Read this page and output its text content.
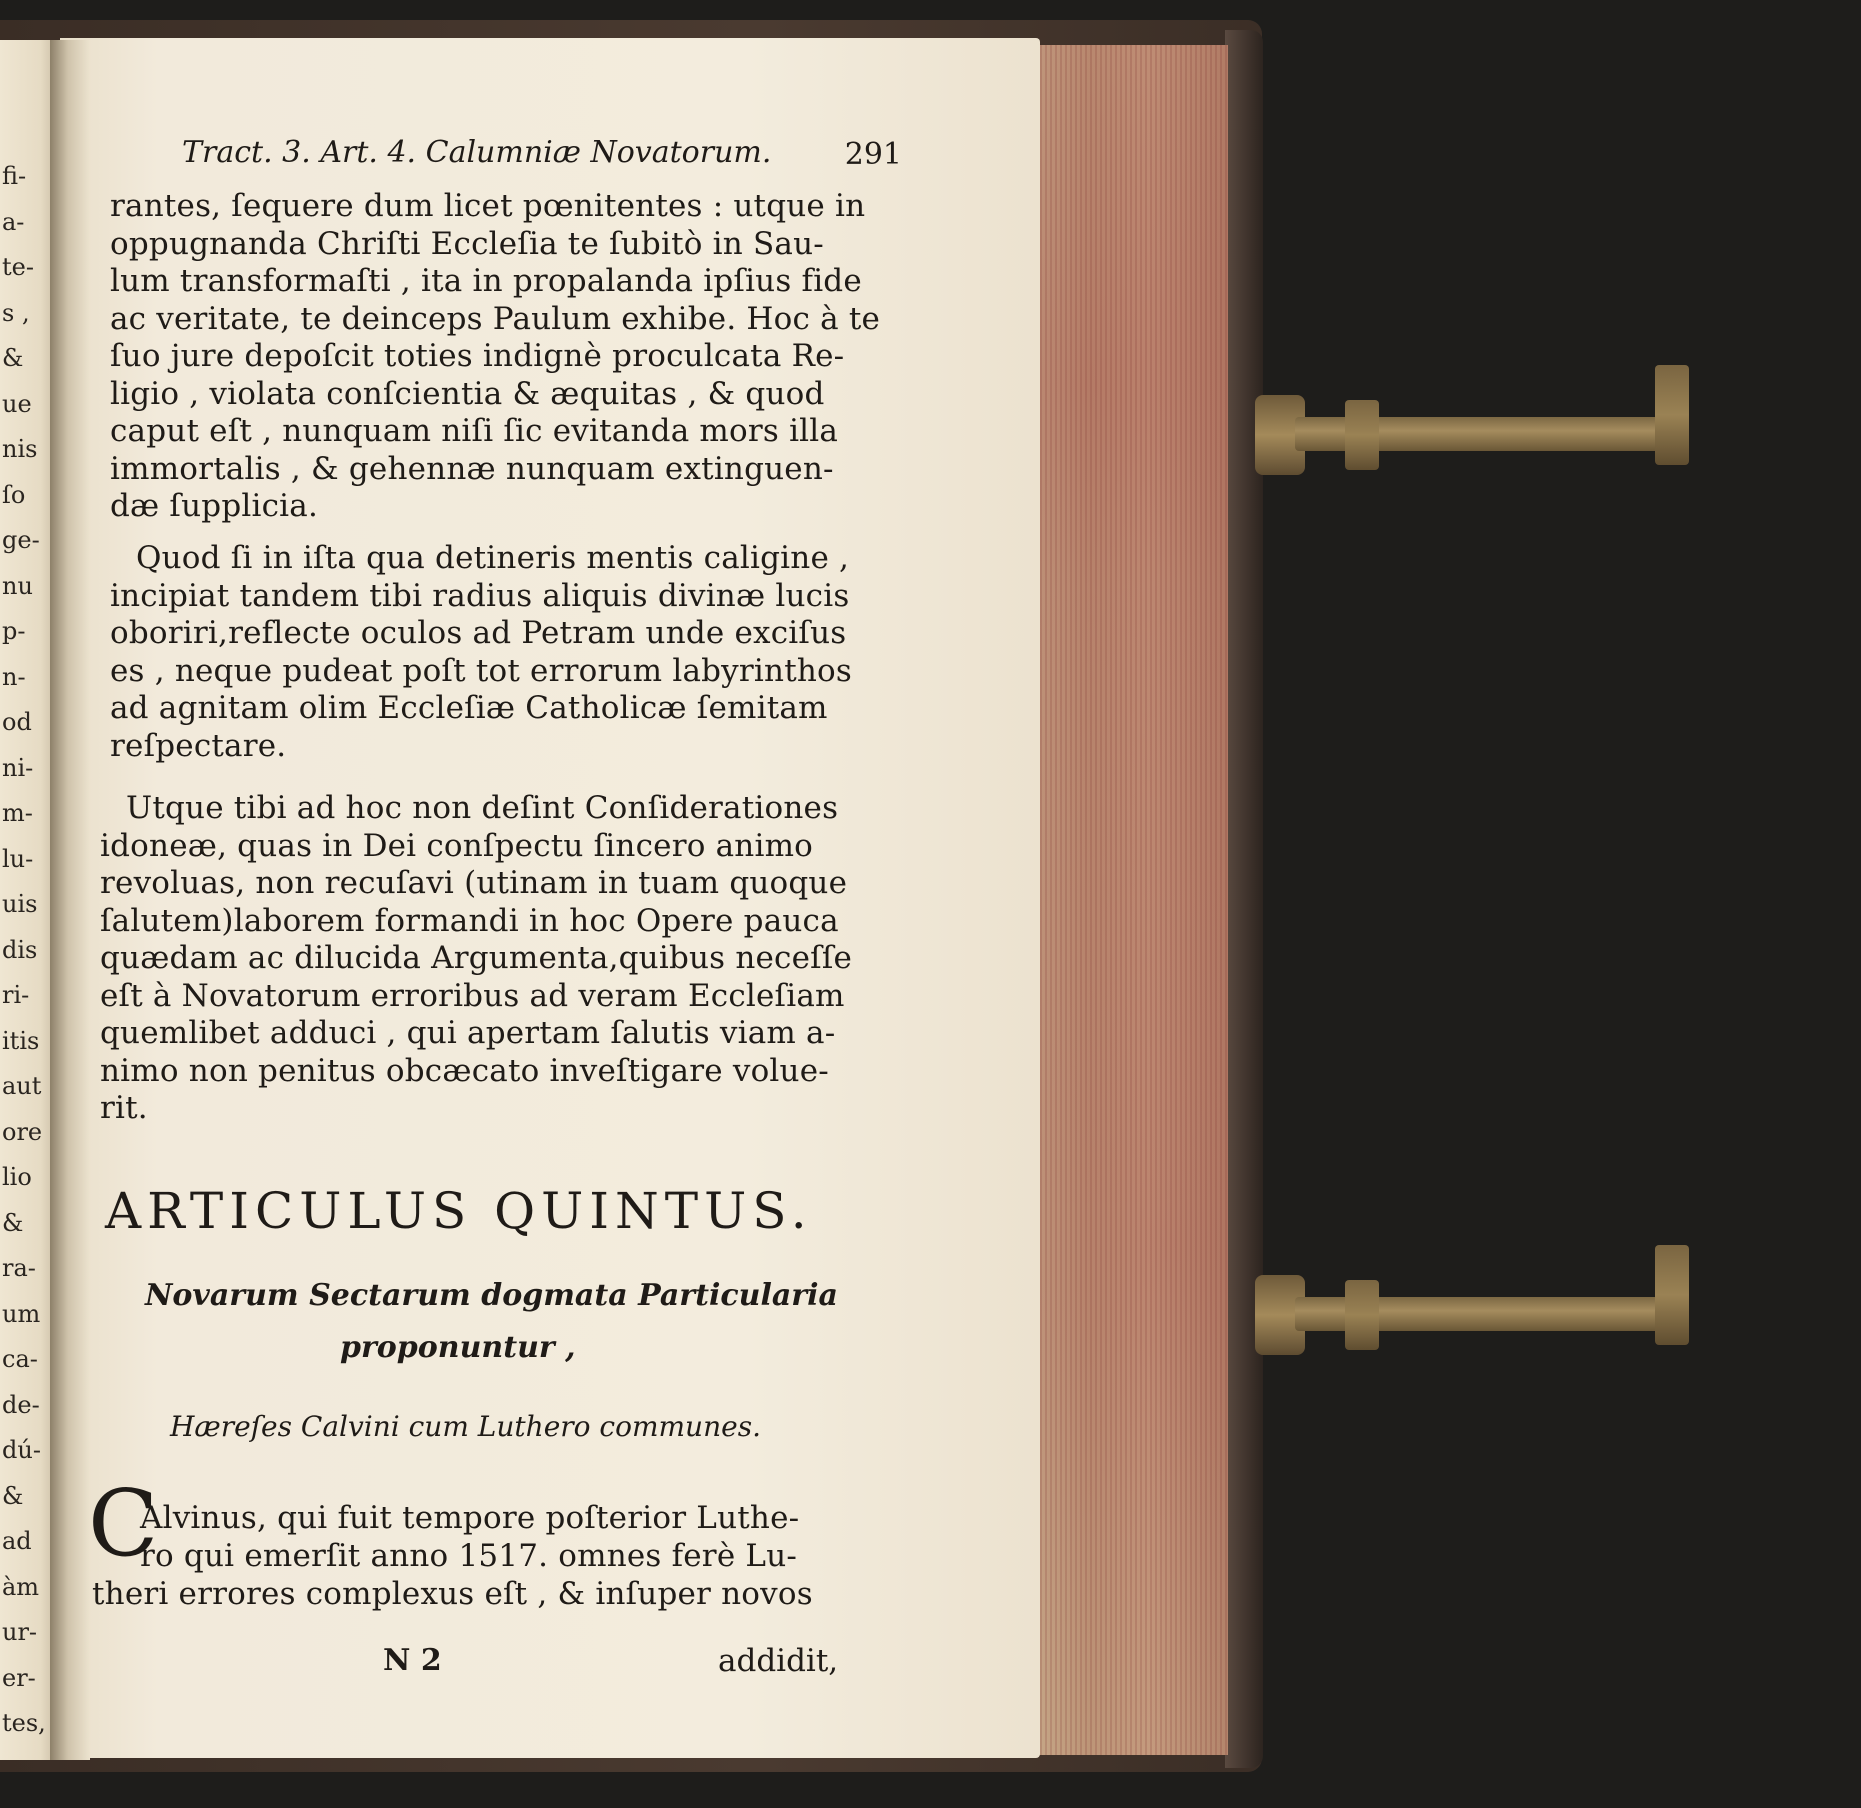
fi-
a-
te-
s ,
&
ue
nis
ſo
ge-
nu
p-
n-
od
ni-
m-
lu-
uis
dis
ri-
itis
aut
ore
lio
&
ra-
um
ca-
de-
dú-
&
ad
àm
ur-
er-
tes,
Tract. 3. Art. 4. Calumniæ Novatorum. 291
rantes, ſequere dum licet pœnitentes : utque in
oppugnanda Chriſti Eccleſia te ſubitò in Sau-
lum transformaſti , ita in propalanda ipſius fide
ac veritate, te deinceps Paulum exhibe. Hoc à te
ſuo jure depoſcit toties indignè proculcata Re-
ligio , violata conſcientia & æquitas , & quod
caput eſt , nunquam niſi ſic evitanda mors illa
immortalis , & gehennæ nunquam extinguen-
dæ ſupplicia.
Quod ſi in iſta qua detineris mentis caligine ,
incipiat tandem tibi radius aliquis divinæ lucis
oboriri,reflecte oculos ad Petram unde exciſus
es , neque pudeat poſt tot errorum labyrinthos
ad agnitam olim Eccleſiæ Catholicæ ſemitam
reſpectare.
Utque tibi ad hoc non deſint Conſiderationes
idoneæ, quas in Dei conſpectu ſincero animo
revoluas, non recuſavi (utinam in tuam quoque
ſalutem)laborem formandi in hoc Opere pauca
quædam ac dilucida Argumenta,quibus neceſſe
eſt à Novatorum erroribus ad veram Eccleſiam
quemlibet adduci , qui apertam ſalutis viam a-
nimo non penitus obcæcato inveſtigare volue-
rit.
ARTICULUS QUINTUS.
Novarum Sectarum dogmata Particularia
proponuntur ,
Hæreſes Calvini cum Luthero communes.
C
Alvinus, qui fuit tempore poſterior Luthe-
ro qui emerſit anno 1517. omnes ferè Lu-
theri errores complexus eſt , & inſuper novos
N 2	addidit,
